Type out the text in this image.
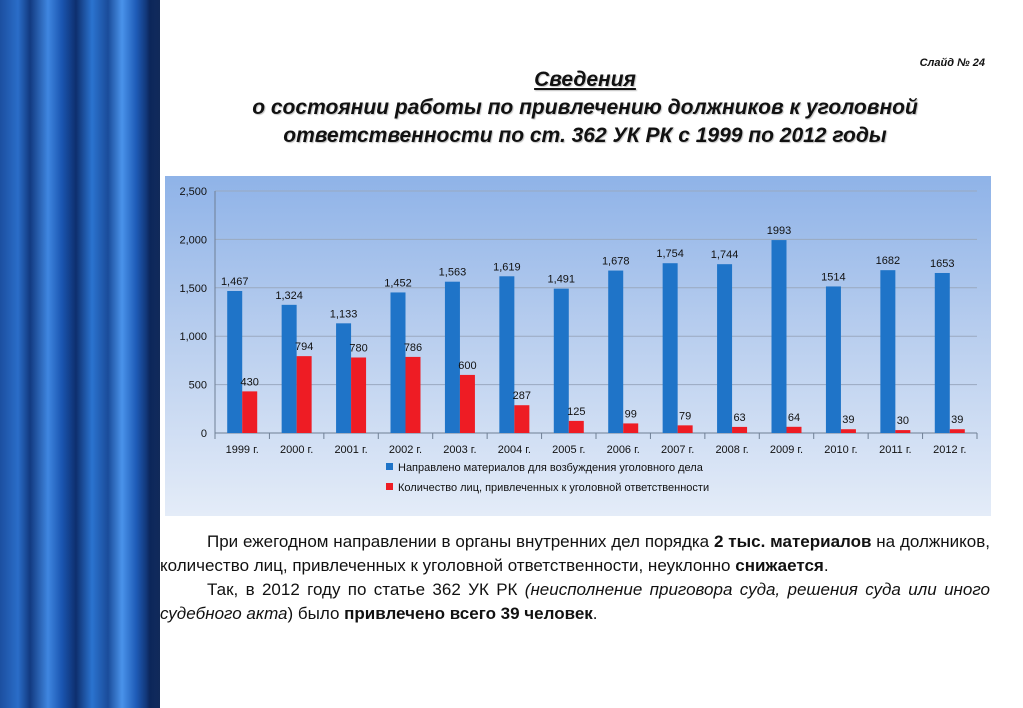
Слайд № 24
Сведения
о состоянии работы по привлечению должников к уголовной
ответственности по ст. 362 УК РК с 1999 по 2012 годы
0
500
1,000
1,500
2,000
2,500
1999 г.
1,467
430
2000 г.
1,324
794
2001 г.
1,133
780
2002 г.
1,452
786
2003 г.
1,563
600
2004 г.
1,619
287
2005 г.
1,491
125
2006 г.
1,678
99
2007 г.
1,754
79
2008 г.
1,744
63
2009 г.
1993
64
2010 г.
1514
39
2011 г.
1682
30
2012 г.
1653
39
Направлено материалов для возбуждения уголовного дела
Количество лиц, привлеченных к уголовной ответственности

При ежегодном направлении в органы внутренних дел порядка 2 тыс. материалов на должников, количество лиц, привлеченных к уголовной ответственности, неуклонно снижается.

Так, в 2012 году по статье 362 УК РК (неисполнение приговора суда, решения суда или иного судебного акта) было привлечено всего 39 человек.
